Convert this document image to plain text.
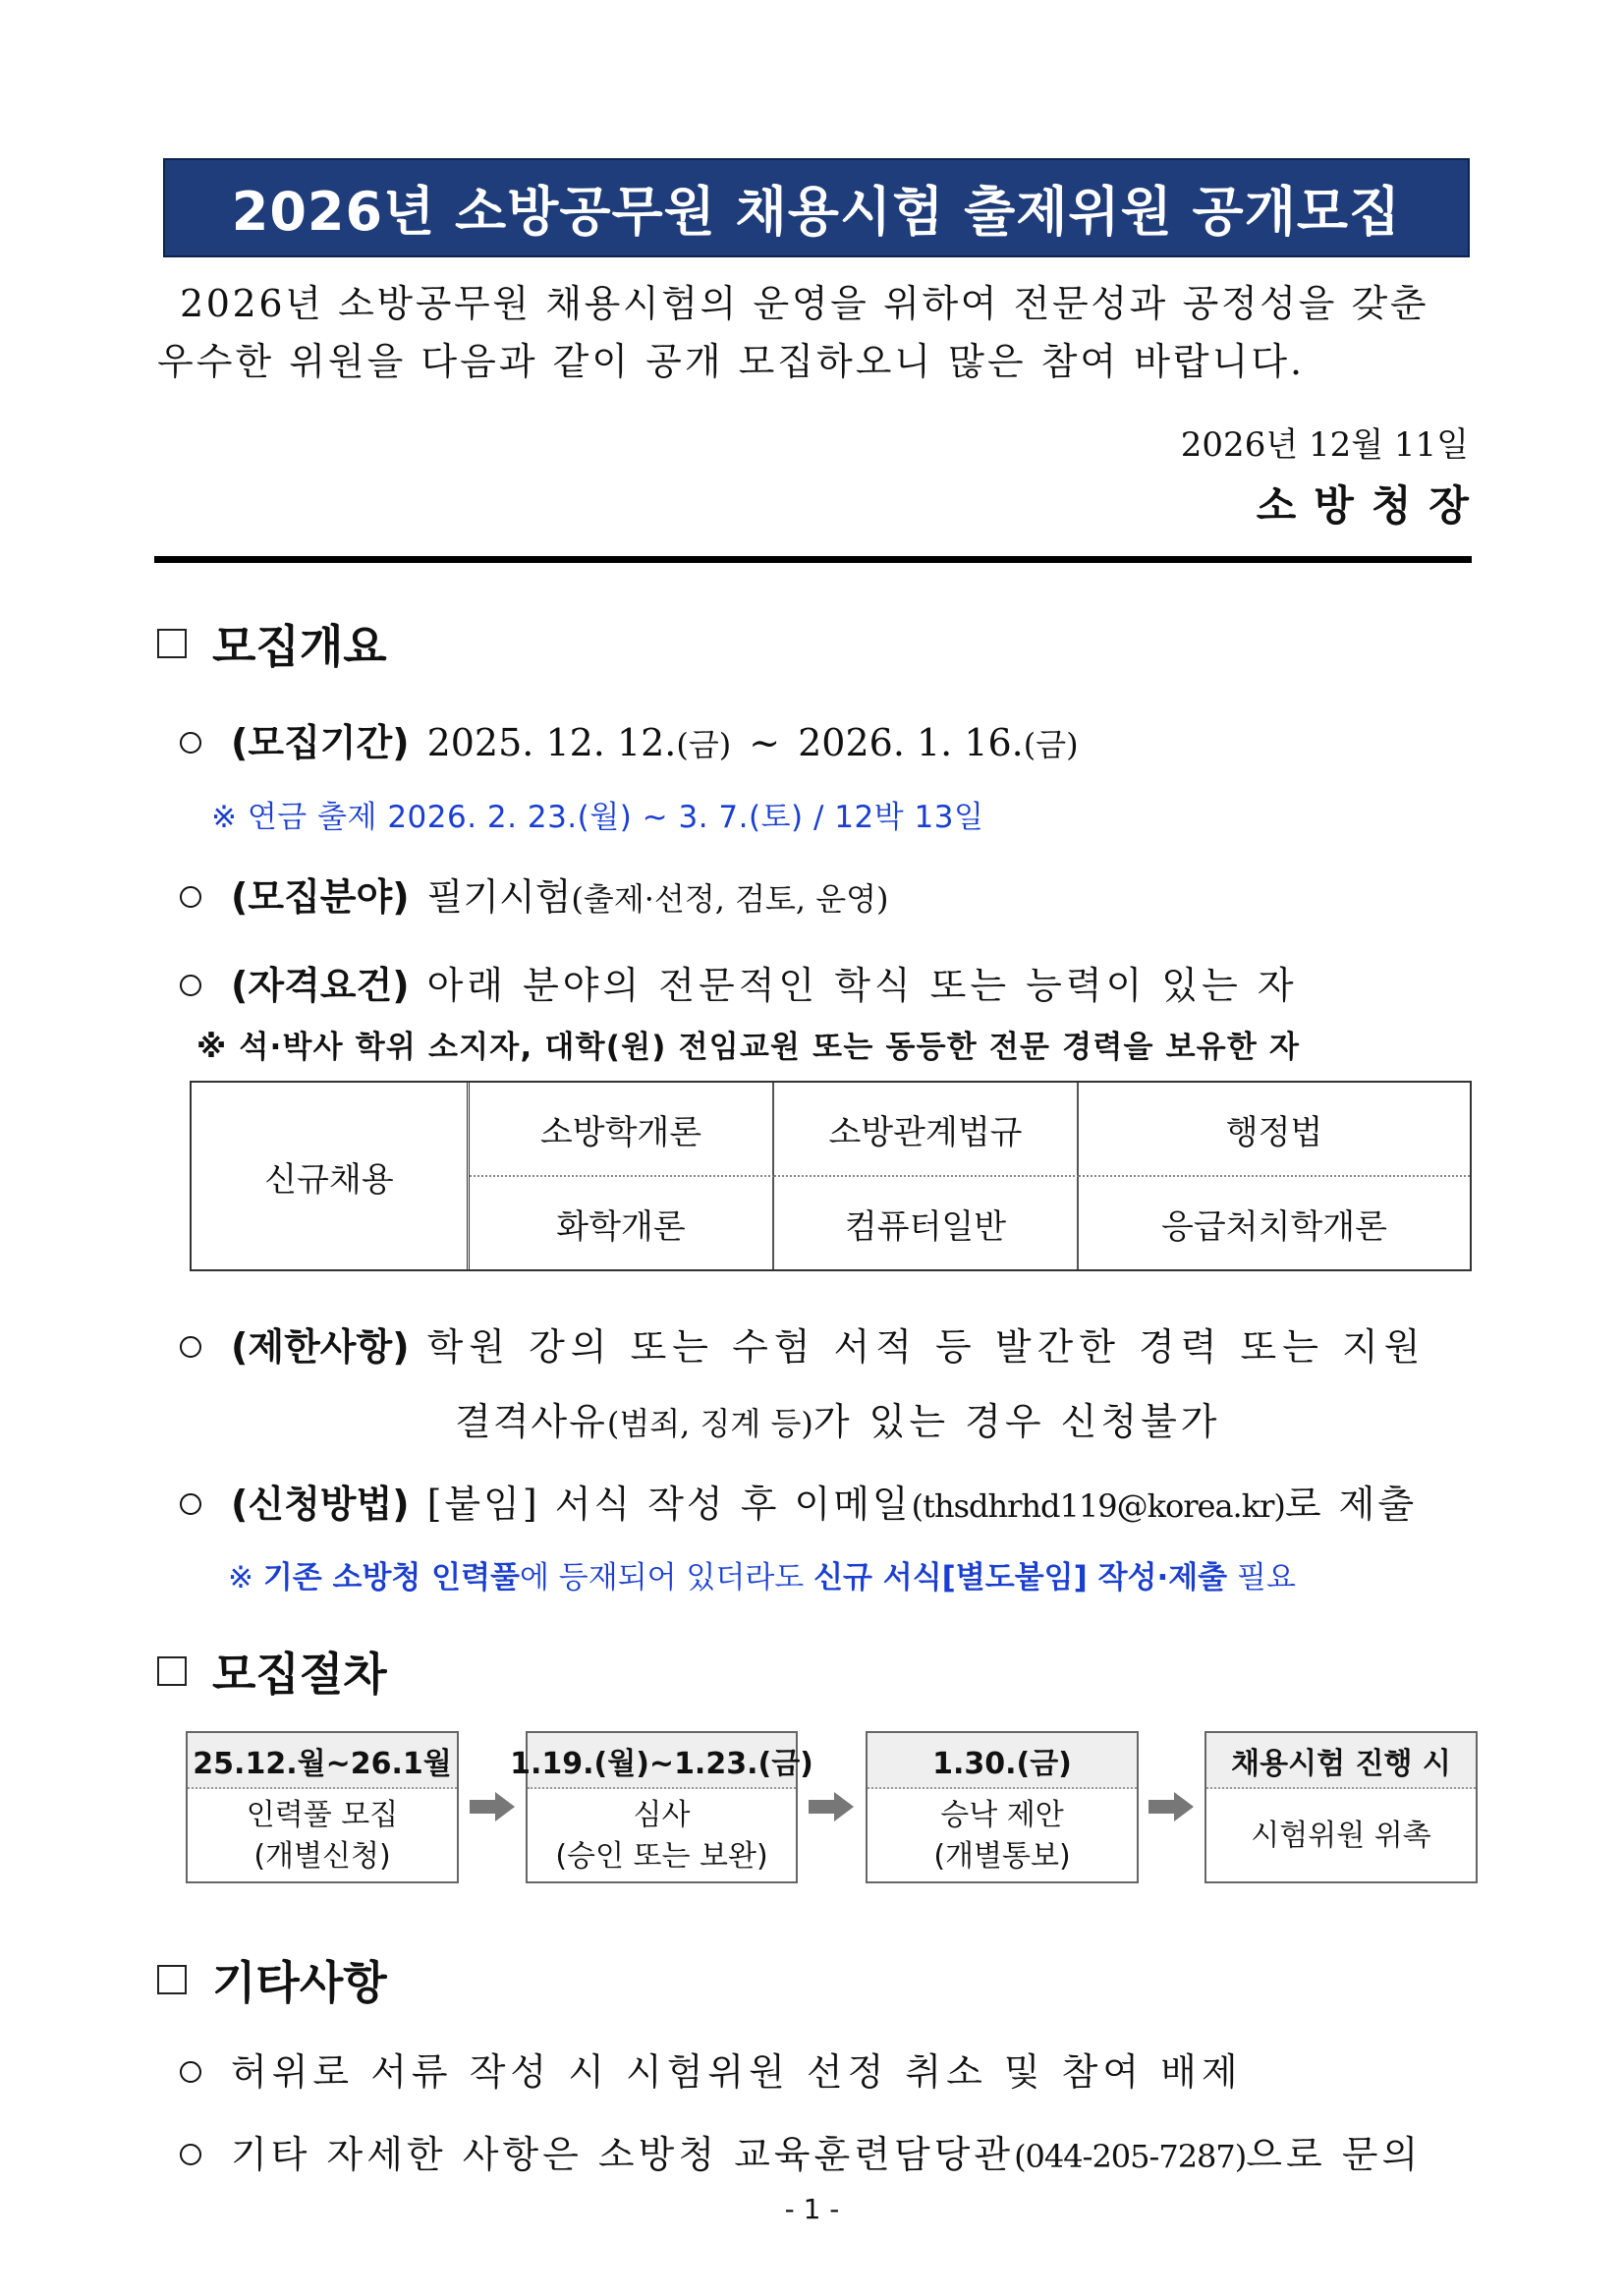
2026년 소방공무원 채용시험 출제위원 공개모집
2026년 소방공무원 채용시험의 운영을 위하여 전문성과 공정성을 갖춘
우수한 위원을 다음과 같이 공개 모집하오니 많은 참여 바랍니다.
2026년 12월 11일
소방청장
모집개요
(모집기간) 2025. 12. 12. (금) ~ 2026. 1. 16. (금)
※ 연금 출제 2026. 2. 23.(월) ~ 3. 7.(토) / 12박 13일
(모집분야) 필기시험 (출제·선정, 검토, 운영)
(자격요건) 아래 분야의 전문적인 학식 또는 능력이 있는 자
※ 석·박사 학위 소지자, 대학(원) 전임교원 또는 동등한 전문 경력을 보유한 자
신규채용
소방학개론	소방관계법규	행정법
화학개론	컴퓨터일반	응급처치학개론
(제한사항) 학원 강의 또는 수험 서적 등 발간한 경력 또는 지원
결격사유 (범죄, 징계 등) 가 있는 경우 신청불가
(신청방법) [붙임] 서식 작성 후 이메일 (thsdhrhd119@korea.kr) 로 제출
※ 기존 소방청 인력풀에 등재되어 있더라도 신규 서식[별도붙임] 작성·제출 필요
모집절차
25.12.월~26.1월
인력풀 모집
(개별신청)
1.19.(월)~1.23.(금)
심사
(승인 또는 보완)
1.30.(금)
승낙 제안
(개별통보)
채용시험 진행 시
시험위원 위촉
기타사항
허위로 서류 작성 시 시험위원 선정 취소 및 참여 배제
기타 자세한 사항은 소방청 교육훈련담당관 (044-205-7287) 으로 문의
- 1 -
